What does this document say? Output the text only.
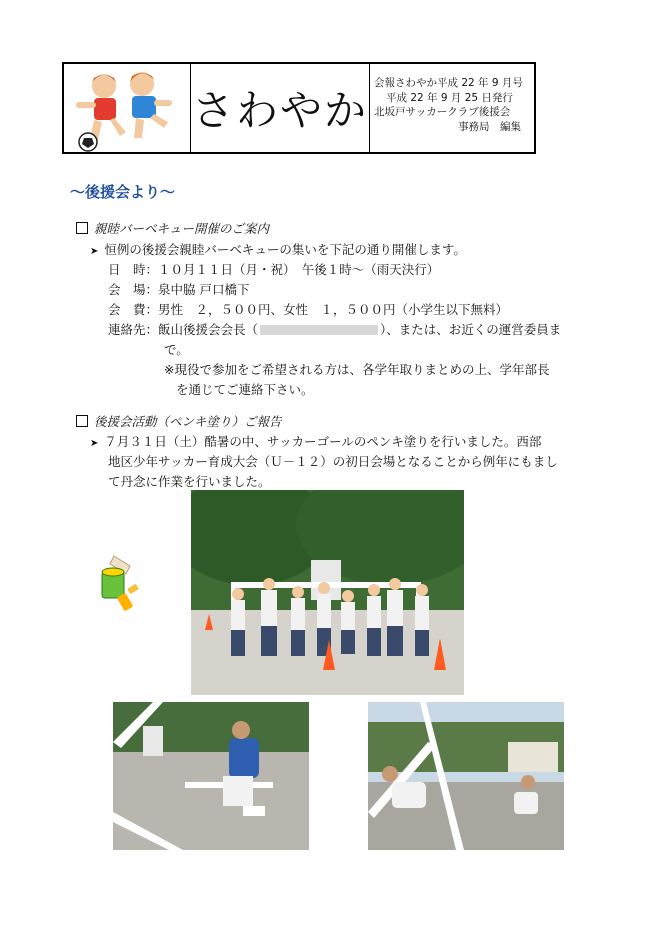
さわやか
会報さわやか平成 22 年 9 月号
平成 22 年 9 月 25 日発行
北坂戸サッカークラブ後援会
事務局　編集
～後援会より～
親睦バーベキュー開催のご案内
➤ 恒例の後援会親睦バーベキューの集いを下記の通り開催します。
日　時：１０月１１日（月・祝）　午後１時～（雨天決行）
会　場：泉中脇 戸口橋下
会　費：男性　２，５００円、女性　１，５００円（小学生以下無料）
連絡先：飯山後援会会長（	）、または、お近くの運営委員ま
で。
※現役で参加をご希望される方は、各学年取りまとめの上、学年部長
を通じてご連絡下さい。
後援会活動（ペンキ塗り）ご報告
➤ ７月３１日（土）酷暑の中、サッカーゴールのペンキ塗りを行いました。西部
地区少年サッカー育成大会（Ｕ－１２）の初日会場となることから例年にもまし
て丹念に作業を行いました。
